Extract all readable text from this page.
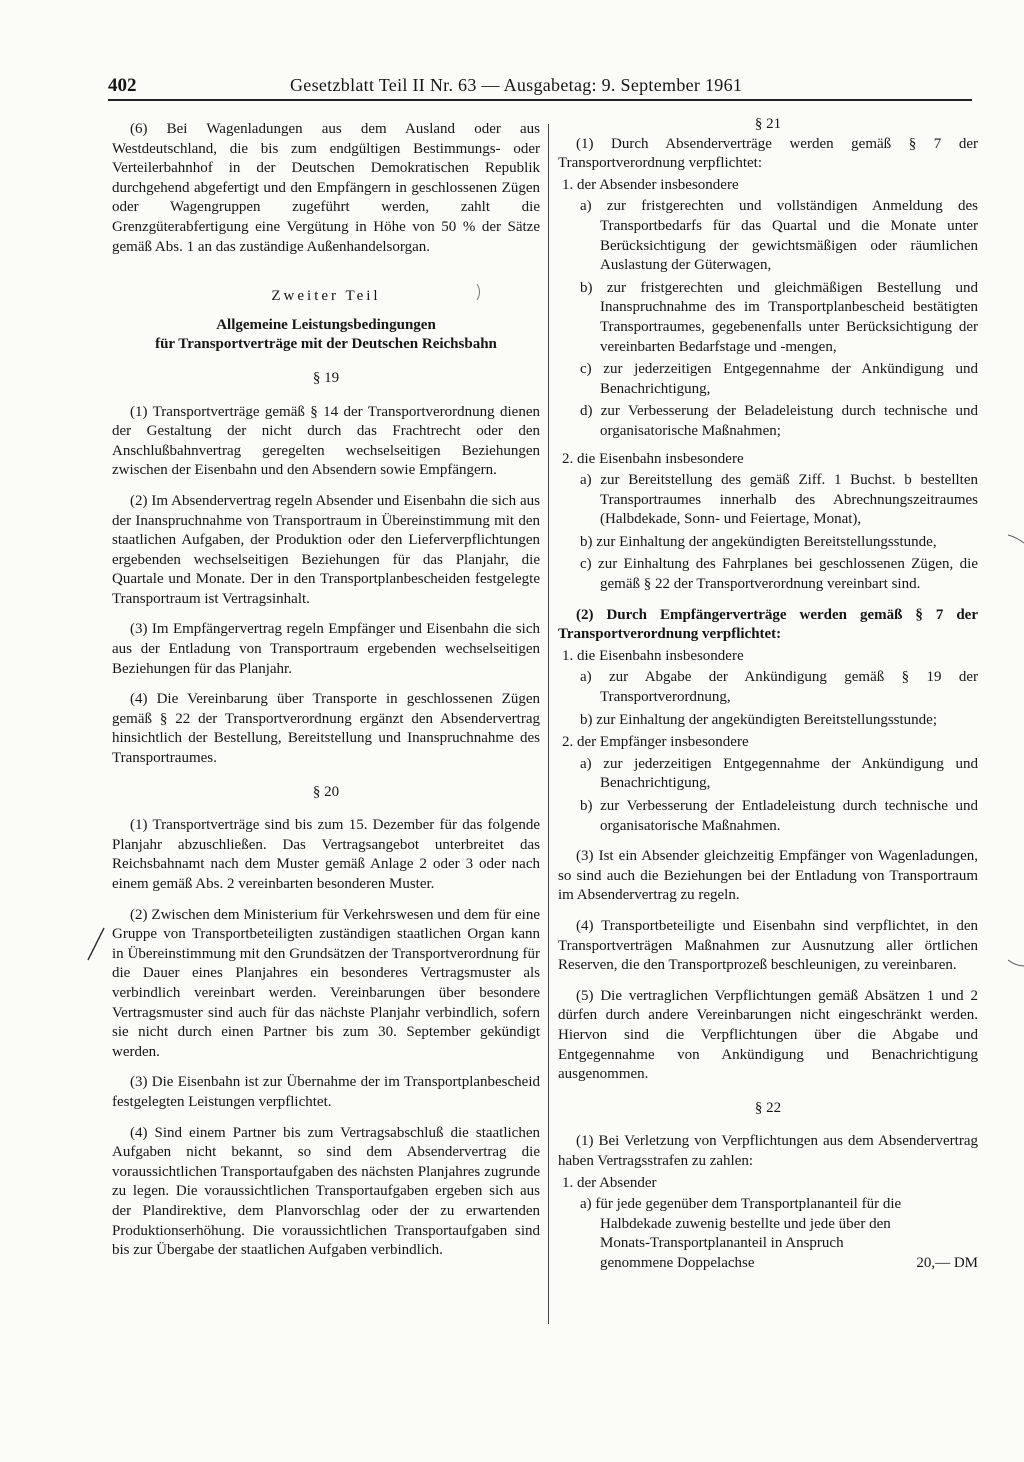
402	Gesetzblatt Teil II Nr. 63 — Ausgabetag: 9. September 1961

(6) Bei Wagenladungen aus dem Ausland oder aus Westdeutschland, die bis zum endgültigen Bestimmungs- oder Verteilerbahnhof in der Deutschen Demokratischen Republik durchgehend abgefertigt und den Empfängern in geschlossenen Zügen oder Wagengruppen zugeführt werden, zahlt die Grenzgüterabfertigung eine Vergütung in Höhe von 50 % der Sätze gemäß Abs. 1 an das zuständige Außenhandelsorgan.

Zweiter Teil

Allgemeine Leistungsbedingungen

für Transportverträge mit der Deutschen Reichsbahn

§ 19

(1) Transportverträge gemäß § 14 der Transportverordnung dienen der Gestaltung der nicht durch das Frachtrecht oder den Anschlußbahnvertrag geregelten wechselseitigen Beziehungen zwischen der Eisenbahn und den Absendern sowie Empfängern.

(2) Im Absendervertrag regeln Absender und Eisenbahn die sich aus der Inanspruchnahme von Transportraum in Übereinstimmung mit den staatlichen Aufgaben, der Produktion oder den Lieferverpflichtungen ergebenden wechselseitigen Beziehungen für das Planjahr, die Quartale und Monate. Der in den Transportplanbescheiden festgelegte Transportraum ist Vertragsinhalt.

(3) Im Empfängervertrag regeln Empfänger und Eisenbahn die sich aus der Entladung von Transportraum ergebenden wechselseitigen Beziehungen für das Planjahr.

(4) Die Vereinbarung über Transporte in geschlossenen Zügen gemäß § 22 der Transportverordnung ergänzt den Absendervertrag hinsichtlich der Bestellung, Bereitstellung und Inanspruchnahme des Transportraumes.

§ 20

(1) Transportverträge sind bis zum 15. Dezember für das folgende Planjahr abzuschließen. Das Vertragsangebot unterbreitet das Reichsbahnamt nach dem Muster gemäß Anlage 2 oder 3 oder nach einem gemäß Abs. 2 vereinbarten besonderen Muster.

(2) Zwischen dem Ministerium für Verkehrswesen und dem für eine Gruppe von Transportbeteiligten zuständigen staatlichen Organ kann in Übereinstimmung mit den Grundsätzen der Transportverordnung für die Dauer eines Planjahres ein besonderes Vertragsmuster als verbindlich vereinbart werden. Vereinbarungen über besondere Vertragsmuster sind auch für das nächste Planjahr verbindlich, sofern sie nicht durch einen Partner bis zum 30. September gekündigt werden.

(3) Die Eisenbahn ist zur Übernahme der im Transportplanbescheid festgelegten Leistungen verpflichtet.

(4) Sind einem Partner bis zum Vertragsabschluß die staatlichen Aufgaben nicht bekannt, so sind dem Absendervertrag die voraussichtlichen Transportaufgaben des nächsten Planjahres zugrunde zu legen. Die voraussichtlichen Transportaufgaben ergeben sich aus der Plandirektive, dem Planvorschlag oder der zu erwartenden Produktionserhöhung. Die voraussichtlichen Transportaufgaben sind bis zur Übergabe der staatlichen Aufgaben verbindlich.

§ 21

(1) Durch Absenderverträge werden gemäß § 7 der Transportverordnung verpflichtet:

1. der Absender insbesondere

a) zur fristgerechten und vollständigen Anmeldung des Transportbedarfs für das Quartal und die Monate unter Berücksichtigung der gewichtsmäßigen oder räumlichen Auslastung der Güterwagen,

b) zur fristgerechten und gleichmäßigen Bestellung und Inanspruchnahme des im Transportplanbescheid bestätigten Transportraumes, gegebenenfalls unter Berücksichtigung der vereinbarten Bedarfstage und -mengen,

c) zur jederzeitigen Entgegennahme der Ankündigung und Benachrichtigung,

d) zur Verbesserung der Beladeleistung durch technische und organisatorische Maßnahmen;

2. die Eisenbahn insbesondere

a) zur Bereitstellung des gemäß Ziff. 1 Buchst. b bestellten Transportraumes innerhalb des Abrechnungszeitraumes (Halbdekade, Sonn- und Feiertage, Monat),

b) zur Einhaltung der angekündigten Bereitstellungsstunde,

c) zur Einhaltung des Fahrplanes bei geschlossenen Zügen, die gemäß § 22 der Transportverordnung vereinbart sind.

(2) Durch Empfängerverträge werden gemäß § 7 der Transportverordnung verpflichtet:

1. die Eisenbahn insbesondere

a) zur Abgabe der Ankündigung gemäß § 19 der Transportverordnung,

b) zur Einhaltung der angekündigten Bereitstellungsstunde;

2. der Empfänger insbesondere

a) zur jederzeitigen Entgegennahme der Ankündigung und Benachrichtigung,

b) zur Verbesserung der Entladeleistung durch technische und organisatorische Maßnahmen.

(3) Ist ein Absender gleichzeitig Empfänger von Wagenladungen, so sind auch die Beziehungen bei der Entladung von Transportraum im Absendervertrag zu regeln.

(4) Transportbeteiligte und Eisenbahn sind verpflichtet, in den Transportverträgen Maßnahmen zur Ausnutzung aller örtlichen Reserven, die den Transportprozeß beschleunigen, zu vereinbaren.

(5) Die vertraglichen Verpflichtungen gemäß Absätzen 1 und 2 dürfen durch andere Vereinbarungen nicht eingeschränkt werden. Hiervon sind die Verpflichtungen über die Abgabe und Entgegennahme von Ankündigung und Benachrichtigung ausgenommen.

§ 22

(1) Bei Verletzung von Verpflichtungen aus dem Absendervertrag haben Vertragsstrafen zu zahlen:

1. der Absender

a) für jede gegenüber dem Transportplananteil für die Halbdekade zuwenig bestellte und jede über den Monats-Transportplananteil in Anspruch genommene Doppelachse	20,— DM
